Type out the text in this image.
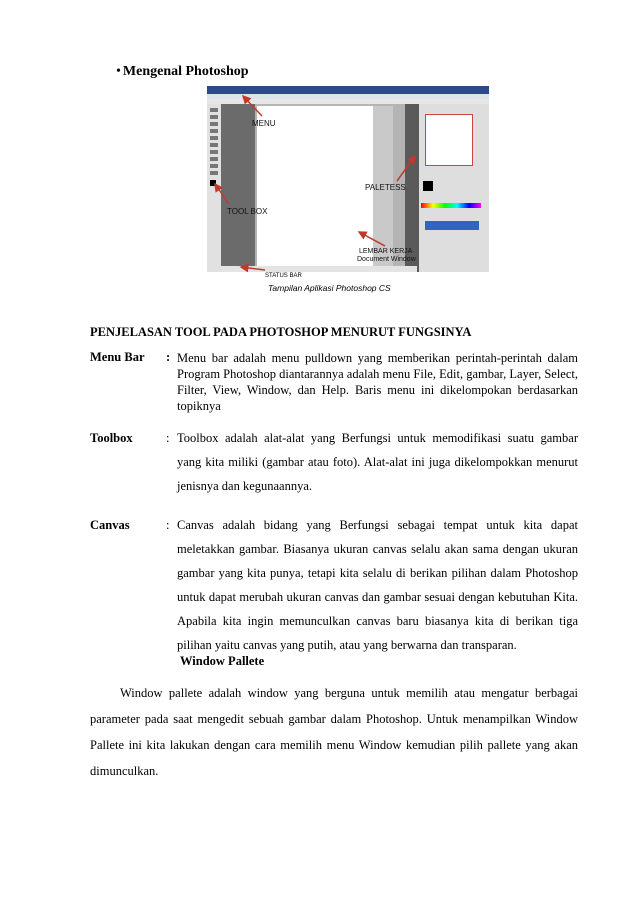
• Mengenal Photoshop
MENU
TOOL BOX
PALETESS
LEMBAR KERJA
Document Window
STATUS BAR
Tampilan Aplikasi Photoshop CS
PENJELASAN TOOL PADA PHOTOSHOP MENURUT FUNGSINYA
Menu Bar : Menu bar adalah menu pulldown yang memberikan perintah-perintah dalam Program Photoshop diantarannya adalah menu File, Edit, gambar, Layer, Select, Filter, View, Window, dan Help. Baris menu ini dikelompokan berdasarkan topiknya
Toolbox	: Toolbox adalah alat-alat yang Berfungsi untuk memodifikasi suatu gambar yang kita miliki (gambar atau foto). Alat-alat ini juga dikelompokkan menurut jenisnya dan kegunaannya.
Canvas	: Canvas adalah bidang yang Berfungsi sebagai tempat untuk kita dapat meletakkan gambar. Biasanya ukuran canvas selalu akan sama dengan ukuran gambar yang kita punya, tetapi kita selalu di berikan pilihan dalam Photoshop untuk dapat merubah ukuran canvas dan gambar sesuai dengan kebutuhan Kita. Apabila kita ingin memunculkan canvas baru biasanya kita di berikan tiga pilihan yaitu canvas yang putih, atau yang berwarna dan transparan.
Window Pallete
Window pallete adalah window yang berguna untuk memilih atau mengatur berbagai parameter pada saat mengedit sebuah gambar dalam Photoshop. Untuk menampilkan Window Pallete ini kita lakukan dengan cara memilih menu Window kemudian pilih pallete yang akan dimunculkan.
